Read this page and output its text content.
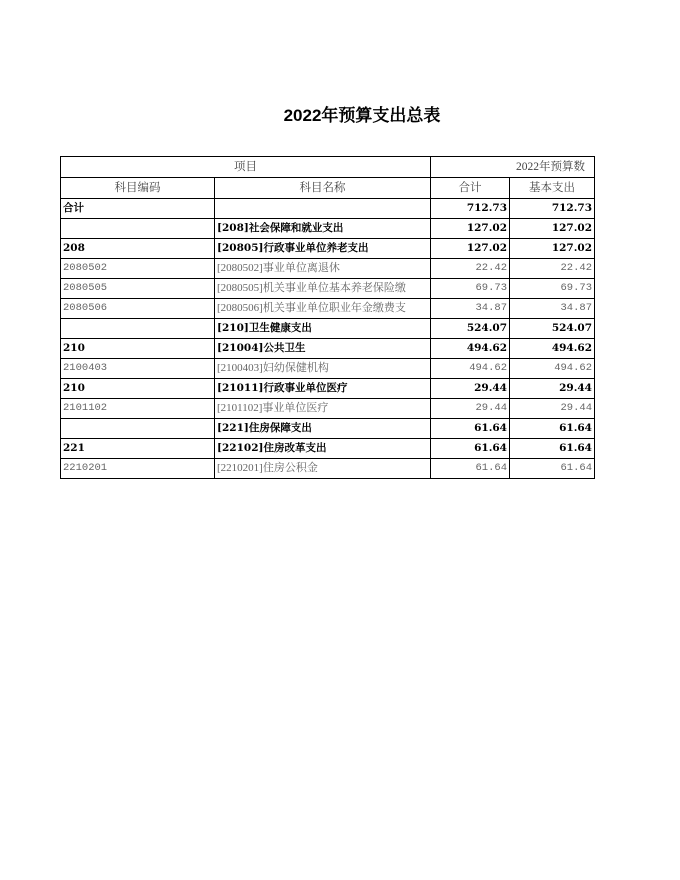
2022年预算支出总表
项目		2022年预算数	
科目编码	科目名称	合计	基本支出
合计		712.73	712.73
	[208]社会保障和就业支出	127.02	127.02
208	[20805]行政事业单位养老支出	127.02	127.02
2080502	[2080502]事业单位离退休	22.42	22.42
2080505	[2080505]机关事业单位基本养老保险缴	69.73	69.73
2080506	[2080506]机关事业单位职业年金缴费支	34.87	34.87
	[210]卫生健康支出	524.07	524.07
210	[21004]公共卫生	494.62	494.62
2100403	[2100403]妇幼保健机构	494.62	494.62
210	[21011]行政事业单位医疗	29.44	29.44
2101102	[2101102]事业单位医疗	29.44	29.44
	[221]住房保障支出	61.64	61.64
221	[22102]住房改革支出	61.64	61.64
2210201	[2210201]住房公积金	61.64	61.64
